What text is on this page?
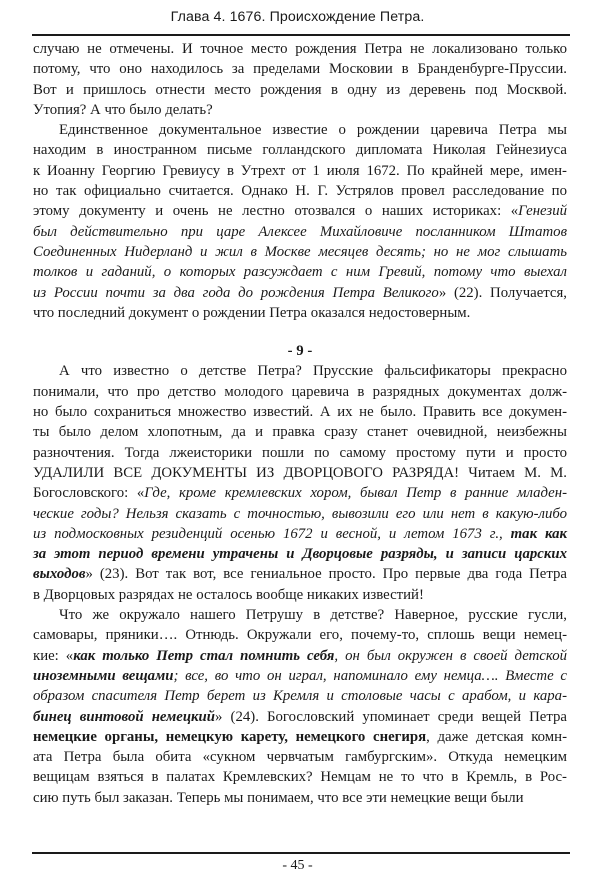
Глава 4. 1676. Происхождение Петра.
случаю не отмечены. И точное место рождения Петра не локализовано только
потому, что оно находилось за пределами Московии в Бранденбурге-Пруссии.
Вот и пришлось отнести место рождения в одну из деревень под Москвой.
Утопия? А что было делать?
Единственное документальное известие о рождении царевича Петра мы
находим в иностранном письме голландского дипломата Николая Гейнезиуса
к Иоанну Георгию Гревиусу в Утрехт от 1 июля 1672. По крайней мере, имен-
но так официально считается. Однако Н. Г. Устрялов провел расследование по
этому документу и очень не лестно отозвался о наших историках: «Генезий
был действительно при царе Алексее Михайловиче посланником Штатов
Соединенных Нидерланд и жил в Москве месяцев десять; но не мог слышать
толков и гаданий, о которых разсуждает с ним Гревий, потому что выехал
из России почти за два года до рождения Петра Великого» (22). Получается,
что последний документ о рождении Петра оказался недостоверным.
- 9 -
А что известно о детстве Петра? Прусские фальсификаторы прекрасно
понимали, что про детство молодого царевича в разрядных документах долж-
но было сохраниться множество известий. А их не было. Править все докумен-
ты было делом хлопотным, да и правка сразу станет очевидной, неизбежны
разночтения. Тогда лжеисторики пошли по самому простому пути и просто
УДАЛИЛИ ВСЕ ДОКУМЕНТЫ ИЗ ДВОРЦОВОГО РАЗРЯДА! Читаем М. М.
Богословского: «Где, кроме кремлевских хором, бывал Петр в ранние младен-
ческие годы? Нельзя сказать с точностью, вывозили его или нет в какую-либо
из подмосковных резиденций осенью 1672 и весной, и летом 1673 г., так как
за этот период времени утрачены и Дворцовые разряды, и записи царских
выходов» (23). Вот так вот, все гениальное просто. Про первые два года Петра
в Дворцовых разрядах не осталось вообще никаких известий!
Что же окружало нашего Петрушу в детстве? Наверное, русские гусли,
самовары, пряники…. Отнюдь. Окружали его, почему-то, сплошь вещи немец-
кие: «как только Петр стал помнить себя, он был окружен в своей детской
иноземными вещами; все, во что он играл, напоминало ему немца…. Вместе с
образом спасителя Петр берет из Кремля и столовые часы с арабом, и кара-
бинец винтовой немецкий» (24). Богословский упоминает среди вещей Петра
немецкие органы, немецкую карету, немецкого снегиря, даже детская комн-
ата Петра была обита «сукном червчатым гамбургским». Откуда немецким
вещицам взяться в палатах Кремлевских? Немцам не то что в Кремль, в Рос-
сию путь был заказан. Теперь мы понимаем, что все эти немецкие вещи были
- 45 -
